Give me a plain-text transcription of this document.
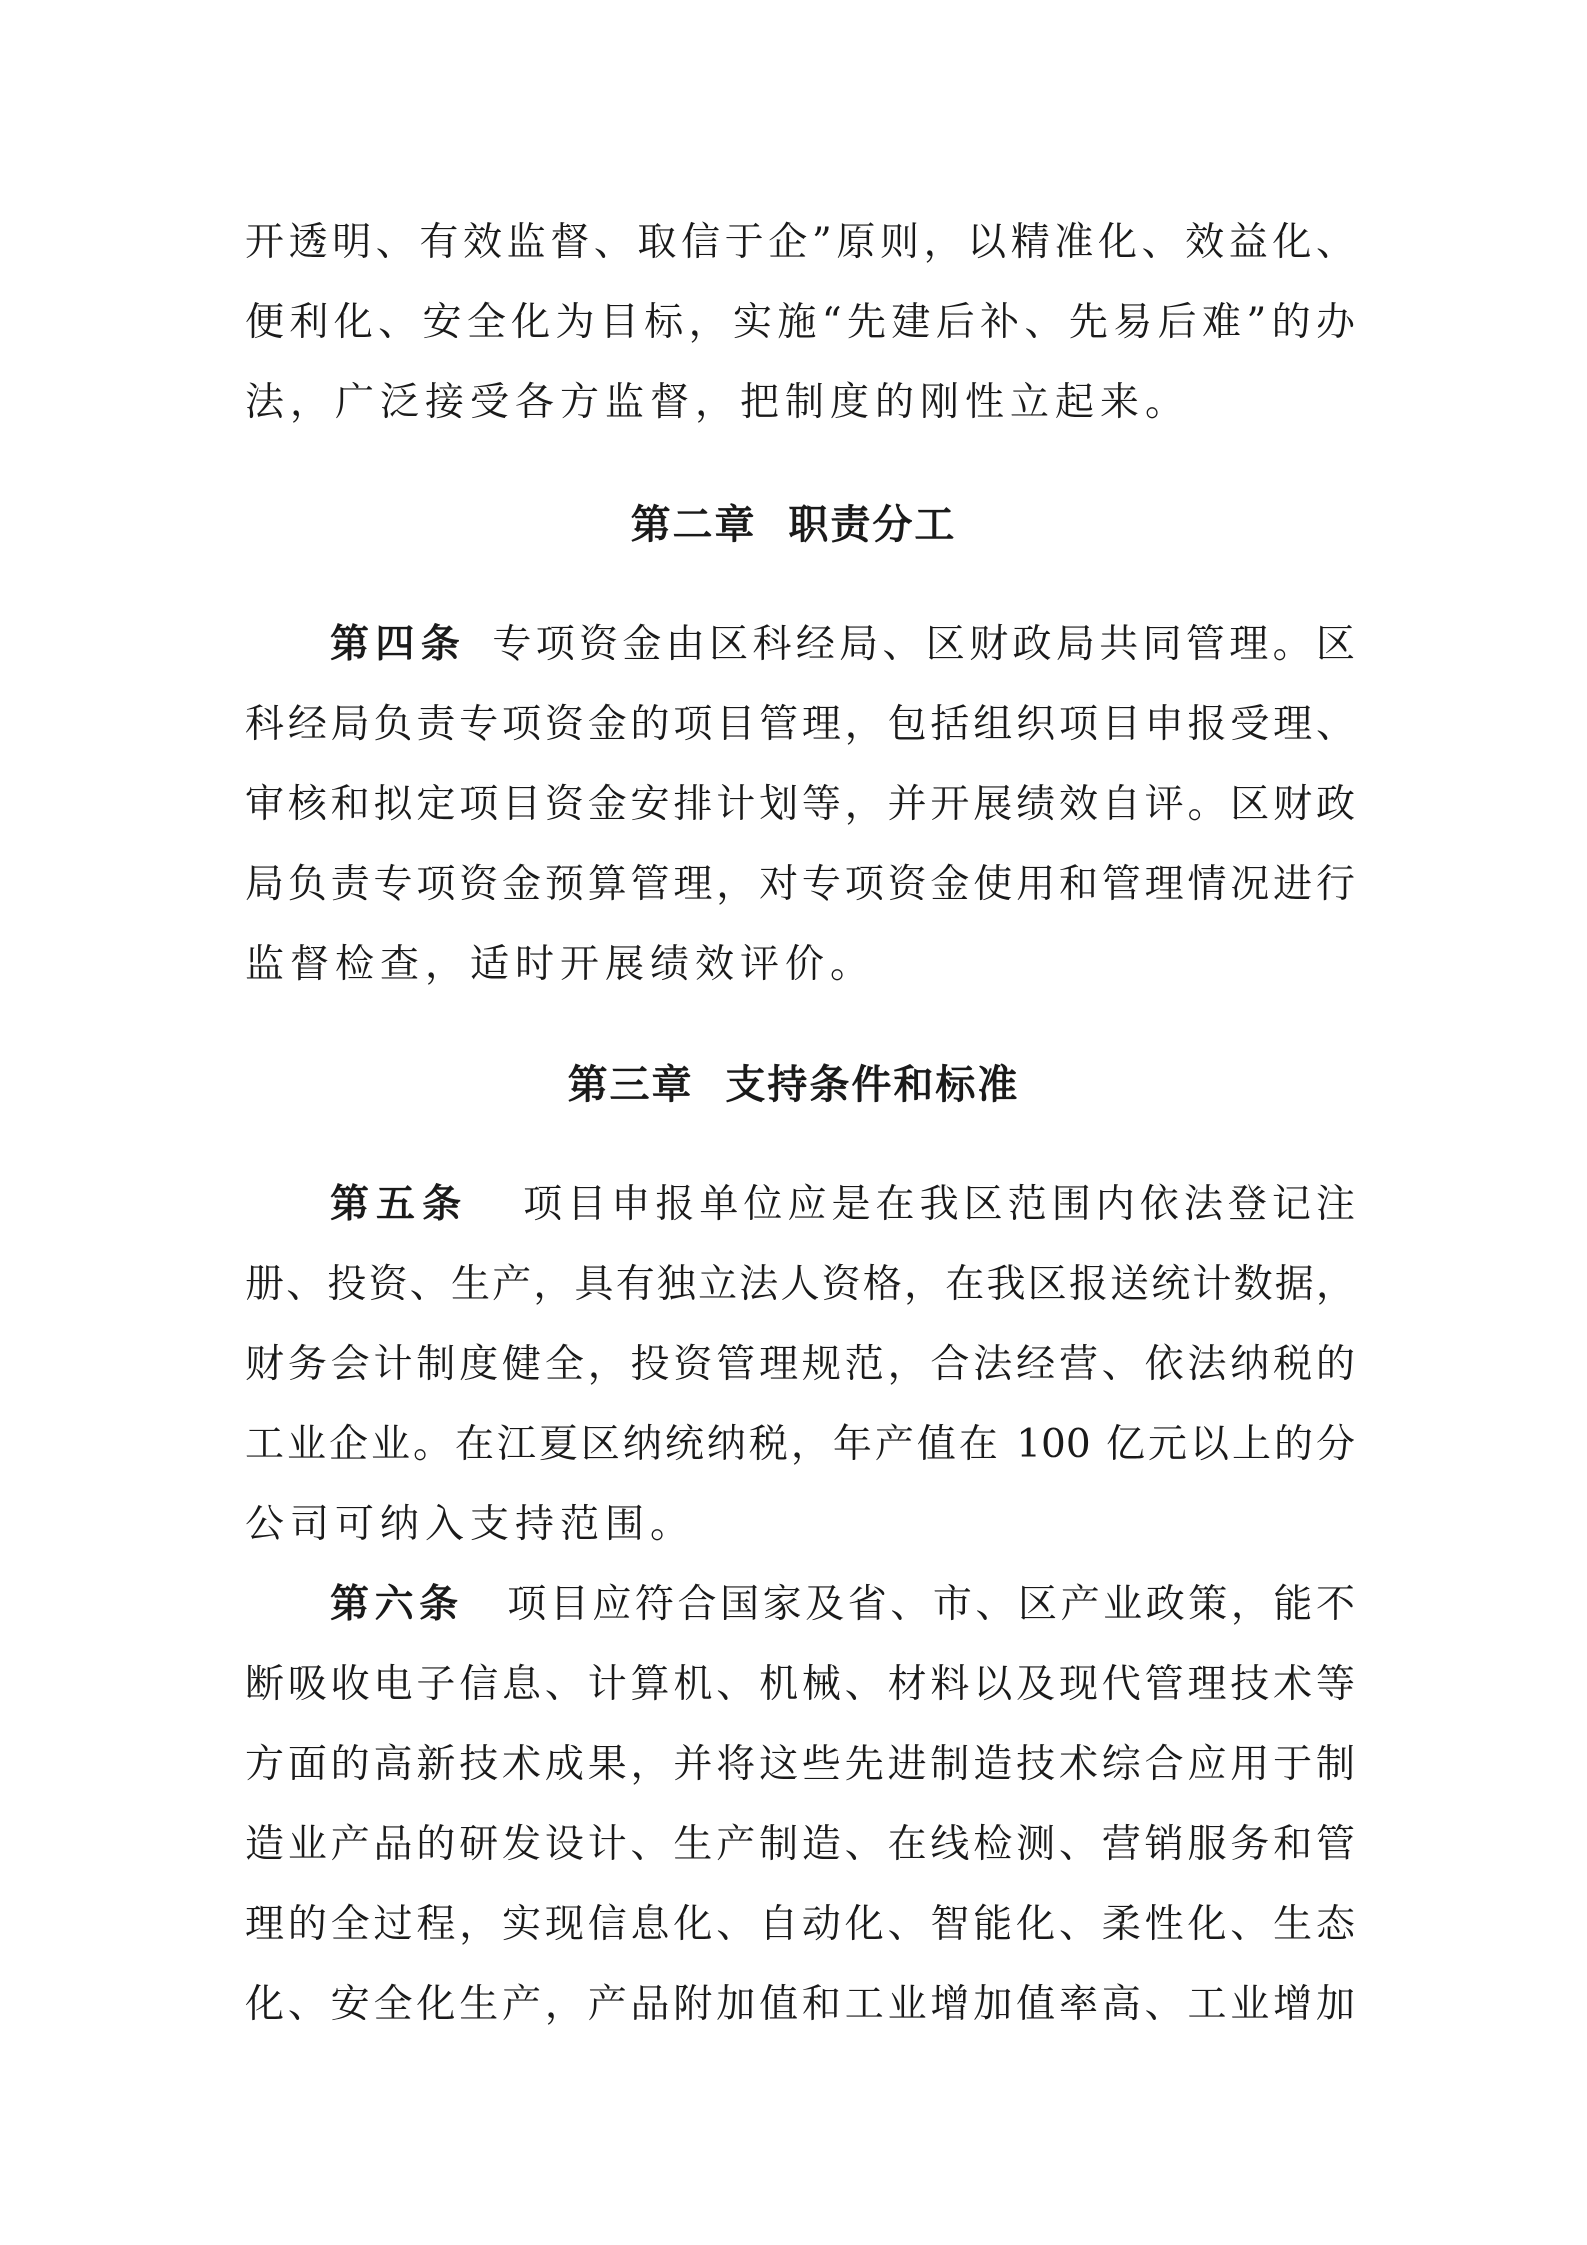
开透明、有效监督、取信于企”原则，以精准化、效益化、
便利化、安全化为目标，实施“先建后补、先易后难”的办
法，广泛接受各方监督，把制度的刚性立起来。
第二章  职责分工
第四条 专项资金由区科经局、区财政局共同管理。区
科经局负责专项资金的项目管理，包括组织项目申报受理、
审核和拟定项目资金安排计划等，并开展绩效自评。区财政
局负责专项资金预算管理，对专项资金使用和管理情况进行
监督检查，适时开展绩效评价。
第三章  支持条件和标准
第五条 项目申报单位应是在我区范围内依法登记注
册、投资、生产，具有独立法人资格，在我区报送统计数据，
财务会计制度健全，投资管理规范，合法经营、依法纳税的
工业企业。在江夏区纳统纳税，年产值在 100 亿元以上的分
公司可纳入支持范围。
第六条 项目应符合国家及省、市、区产业政策，能不
断吸收电子信息、计算机、机械、材料以及现代管理技术等
方面的高新技术成果，并将这些先进制造技术综合应用于制
造业产品的研发设计、生产制造、在线检测、营销服务和管
理的全过程，实现信息化、自动化、智能化、柔性化、生态
化、安全化生产，产品附加值和工业增加值率高、工业增加
